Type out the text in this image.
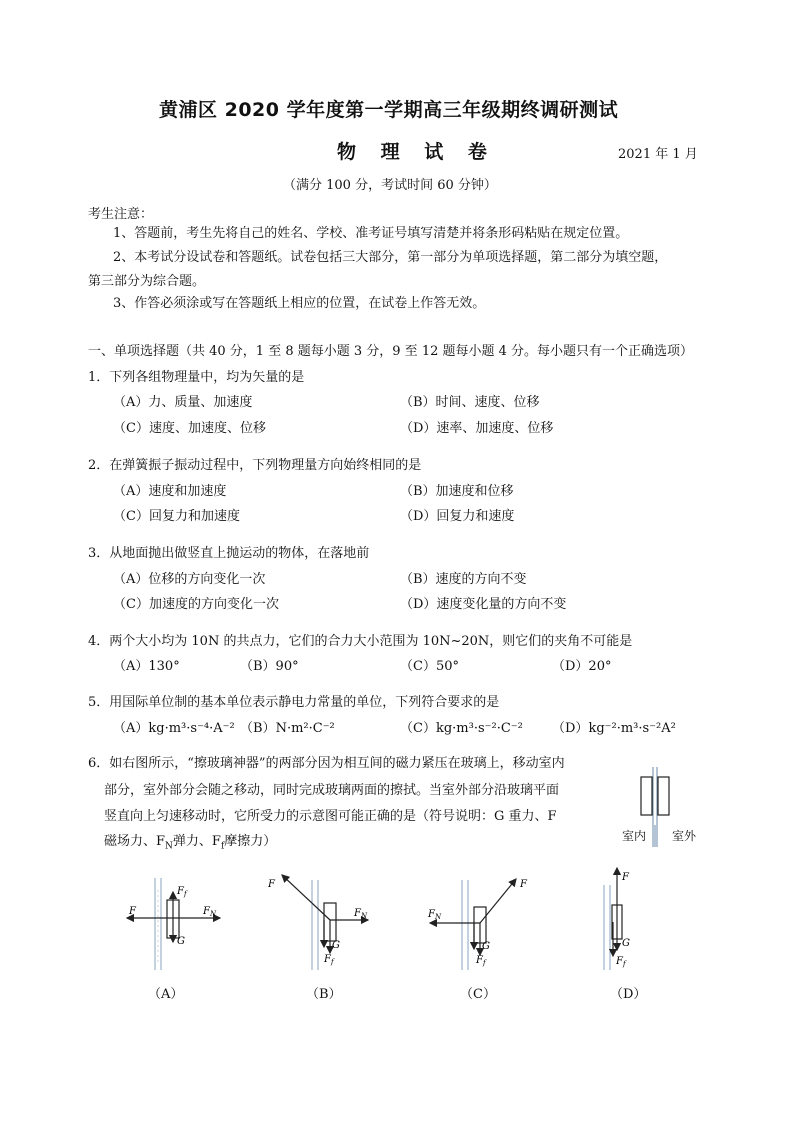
黄浦区 2020 学年度第一学期高三年级期终调研测试
物 理 试 卷	2021 年 1 月
（满分 100 分，考试时间 60 分钟）
考生注意：
1、答题前，考生先将自己的姓名、学校、准考证号填写清楚并将条形码粘贴在规定位置。
2、本考试分设试卷和答题纸。试卷包括三大部分，第一部分为单项选择题，第二部分为填空题，
第三部分为综合题。
3、作答必须涂或写在答题纸上相应的位置，在试卷上作答无效。
一、单项选择题（共 40 分，1 至 8 题每小题 3 分，9 至 12 题每小题 4 分。每小题只有一个正确选项）
1．下列各组物理量中，均为矢量的是
（A）力、质量、加速度	（B）时间、速度、位移
（C）速度、加速度、位移	（D）速率、加速度、位移
2．在弹簧振子振动过程中，下列物理量方向始终相同的是
（A）速度和加速度	（B）加速度和位移
（C）回复力和加速度	（D）回复力和速度
3．从地面抛出做竖直上抛运动的物体，在落地前
（A）位移的方向变化一次	（B）速度的方向不变
（C）加速度的方向变化一次	（D）速度变化量的方向不变
4．两个大小均为 10N 的共点力，它们的合力大小范围为 10N~20N，则它们的夹角不可能是
（A）130°	（B）90°	（C）50°	（D）20°
5．用国际单位制的基本单位表示静电力常量的单位，下列符合要求的是
（A）kg·m³·s⁻⁴·A⁻² （B）N·m²·C⁻²	（C）kg·m³·s⁻²·C⁻² （D）kg⁻²·m³·s⁻²A²
6．如右图所示，“擦玻璃神器”的两部分因为相互间的磁力紧压在玻璃上，移动室内
部分，室外部分会随之移动，同时完成玻璃两面的擦拭。当室外部分沿玻璃平面
竖直向上匀速移动时，它所受力的示意图可能正确的是（符号说明：G 重力、F
磁场力、$F_N$弹力、$F_f$摩擦力）	室内 室外
$F_f$
F	$F_N$
G
（A）
F
$F_N$
G
$F_f$
（B）
F
$F_N$
G
$F_f$
（C）
F
G
$F_f$
（D）
